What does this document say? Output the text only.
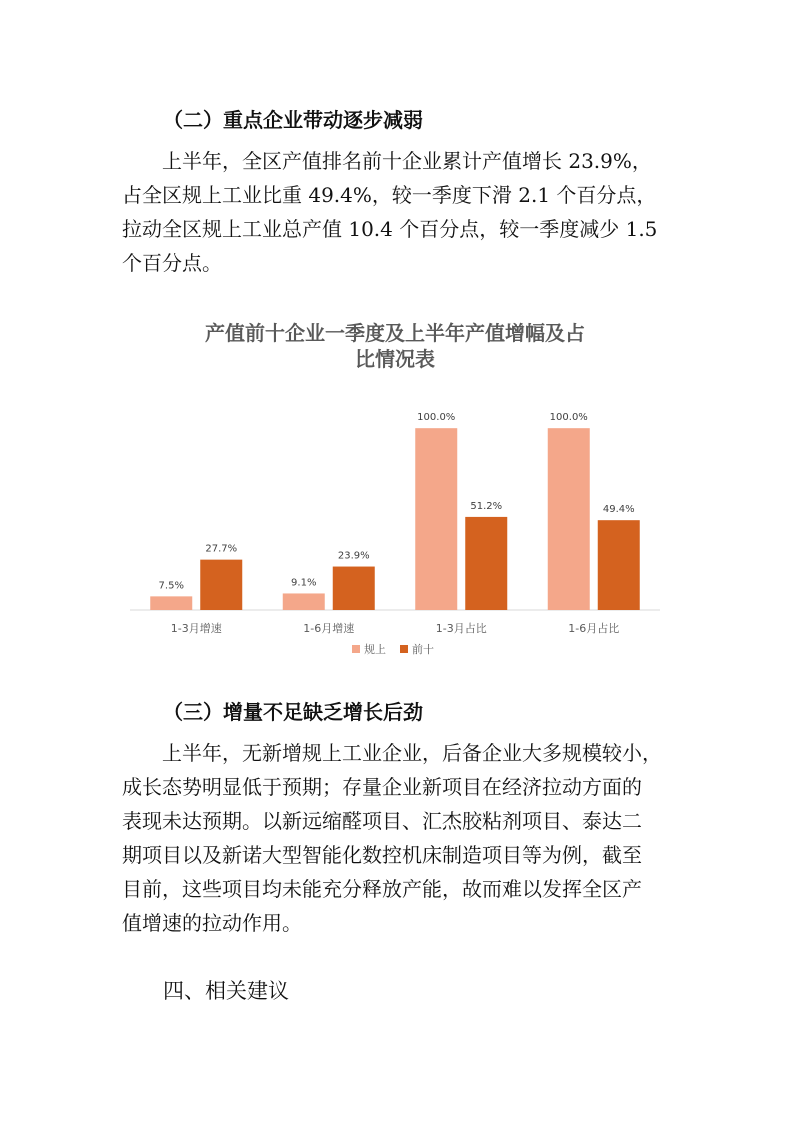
（二）重点企业带动逐步减弱
上半年，全区产值排名前十企业累计产值增长 23.9%，
占全区规上工业比重 49.4%，较一季度下滑 2.1 个百分点，
拉动全区规上工业总产值 10.4 个百分点，较一季度减少 1.5
个百分点。
产值前十企业一季度及上半年产值增幅及占
比情况表
7.5%
27.7%
1-3月增速
9.1%
23.9%
1-6月增速
100.0%
51.2%
1-3月占比
100.0%
49.4%
1-6月占比
规上 前十
（三）增量不足缺乏增长后劲
上半年，无新增规上工业企业，后备企业大多规模较小，
成长态势明显低于预期；存量企业新项目在经济拉动方面的
表现未达预期。以新远缩醛项目、汇杰胶粘剂项目、泰达二
期项目以及新诺大型智能化数控机床制造项目等为例，截至
目前，这些项目均未能充分释放产能，故而难以发挥全区产
值增速的拉动作用。
四、相关建议
